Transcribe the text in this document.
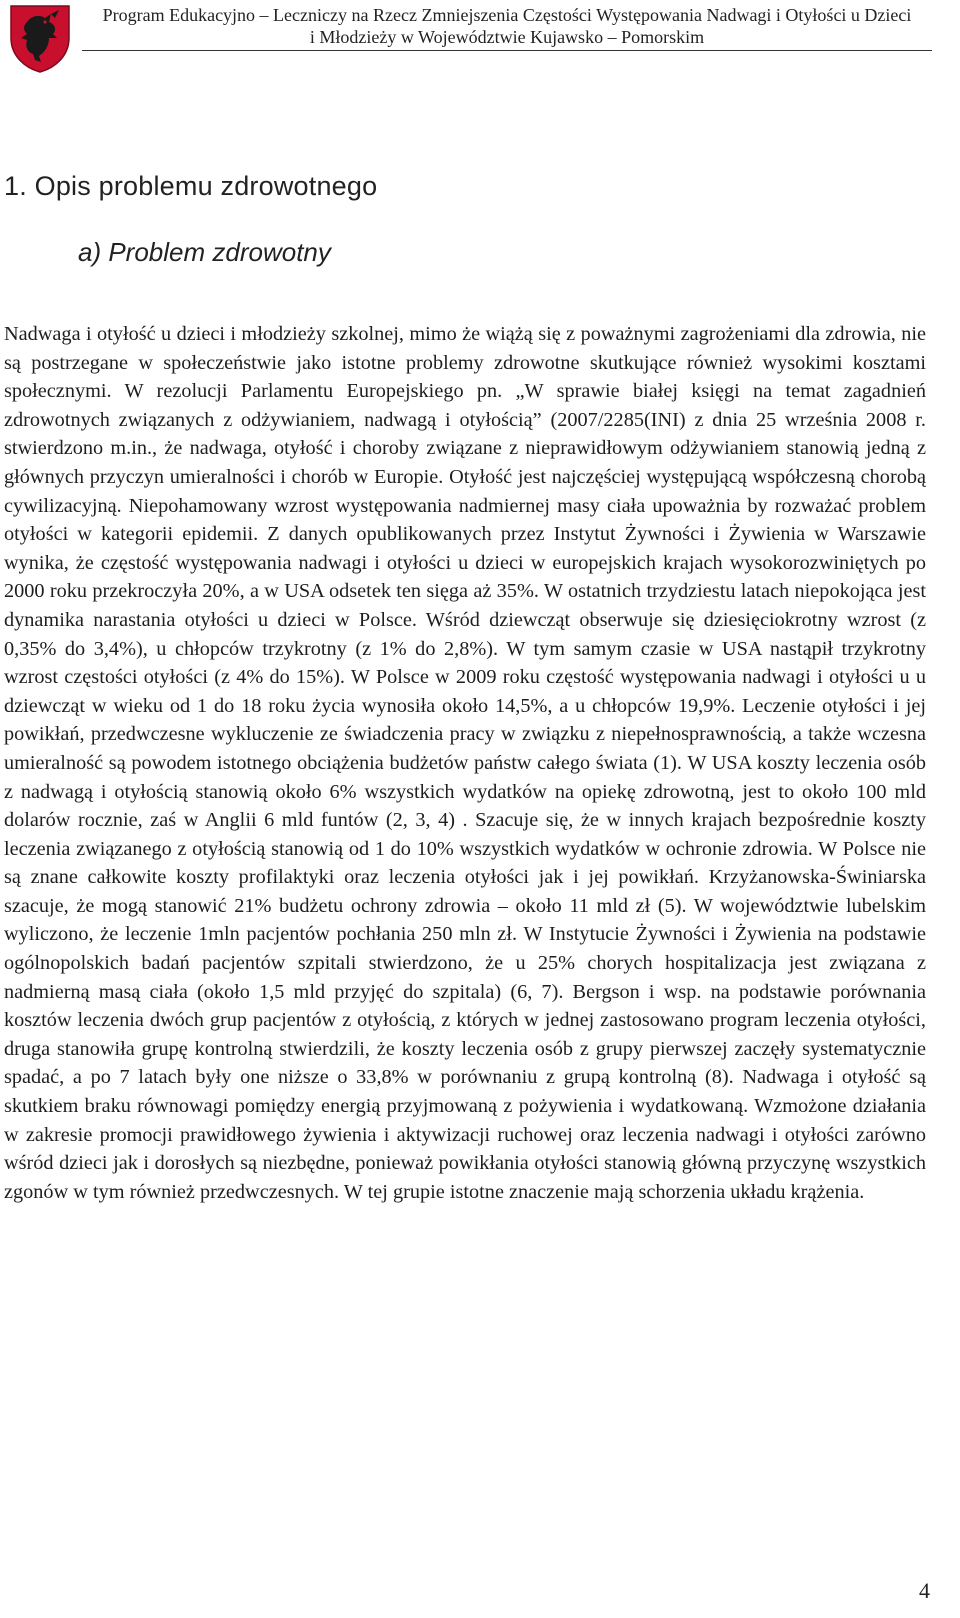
Program Edukacyjno – Leczniczy na Rzecz Zmniejszenia Częstości Występowania Nadwagi i Otyłości u Dzieci
i Młodzieży w Województwie Kujawsko – Pomorskim
1. Opis problemu zdrowotnego
a) Problem zdrowotny

Nadwaga i otyłość u dzieci i młodzieży szkolnej, mimo że wiążą się z poważnymi zagrożeniami dla zdrowia, nie są postrzegane w społeczeństwie jako istotne problemy zdrowotne skutkujące również wysokimi kosztami społecznymi. W rezolucji Parlamentu Europejskiego pn. „W sprawie białej księgi na temat zagadnień zdrowotnych związanych z odżywianiem, nadwagą i otyłością” (2007/2285(INI) z dnia 25 września 2008 r. stwierdzono m.in., że nadwaga, otyłość i choroby związane z nieprawidłowym odżywianiem stanowią jedną z głównych przyczyn umieralności i chorób w Europie. Otyłość jest najczęściej występującą współczesną chorobą cywilizacyjną. Niepohamowany wzrost występowania nadmiernej masy ciała upoważnia by rozważać problem otyłości w kategorii epidemii. Z danych opublikowanych przez Instytut Żywności i Żywienia w Warszawie wynika, że częstość występowania nadwagi i otyłości u dzieci w europejskich krajach wysokorozwiniętych po 2000 roku przekroczyła 20%, a w USA odsetek ten sięga aż 35%. W ostatnich trzydziestu latach niepokojąca jest dynamika narastania otyłości u dzieci w Polsce. Wśród dziewcząt obserwuje się dziesięciokrotny wzrost (z 0,35% do 3,4%), u chłopców trzykrotny (z 1% do 2,8%). W tym samym czasie w USA nastąpił trzykrotny wzrost częstości otyłości (z 4% do 15%). W Polsce w 2009 roku częstość występowania nadwagi i otyłości u u dziewcząt w wieku od 1 do 18 roku życia wynosiła około 14,5%, a u chłopców 19,9%. Leczenie otyłości i jej powikłań, przedwczesne wykluczenie ze świadczenia pracy w związku z niepełnosprawnością, a także wczesna umieralność są powodem istotnego obciążenia budżetów państw całego świata (1). W USA koszty leczenia osób z nadwagą i otyłością stanowią około 6% wszystkich wydatków na opiekę zdrowotną, jest to około 100 mld dolarów rocznie, zaś w Anglii 6 mld funtów (2, 3, 4) . Szacuje się, że w innych krajach bezpośrednie koszty leczenia związanego z otyłością stanowią od 1 do 10% wszystkich wydatków w ochronie zdrowia. W Polsce nie są znane całkowite koszty profilaktyki oraz leczenia otyłości jak i jej powikłań. Krzyżanowska-Świniarska szacuje, że mogą stanowić 21% budżetu ochrony zdrowia – około 11 mld zł (5). W województwie lubelskim wyliczono, że leczenie 1mln pacjentów pochłania 250 mln zł. W Instytucie Żywności i Żywienia na podstawie ogólnopolskich badań pacjentów szpitali stwierdzono, że u 25% chorych hospitalizacja jest związana z nadmierną masą ciała (około 1,5 mld przyjęć do szpitala) (6, 7). Bergson i wsp. na podstawie porównania kosztów leczenia dwóch grup pacjentów z otyłością, z których w jednej zastosowano program leczenia otyłości, druga stanowiła grupę kontrolną stwierdzili, że koszty leczenia osób z grupy pierwszej zaczęły systematycznie spadać, a po 7 latach były one niższe o 33,8% w porównaniu z grupą kontrolną (8). Nadwaga i otyłość są skutkiem braku równowagi pomiędzy energią przyjmowaną z pożywienia i wydatkowaną. Wzmożone działania w zakresie promocji prawidłowego żywienia i aktywizacji ruchowej oraz leczenia nadwagi i otyłości zarówno wśród dzieci jak i dorosłych są niezbędne, ponieważ powikłania otyłości stanowią główną przyczynę wszystkich zgonów w tym również przedwczesnych. W tej grupie istotne znaczenie mają schorzenia układu krążenia.

4
